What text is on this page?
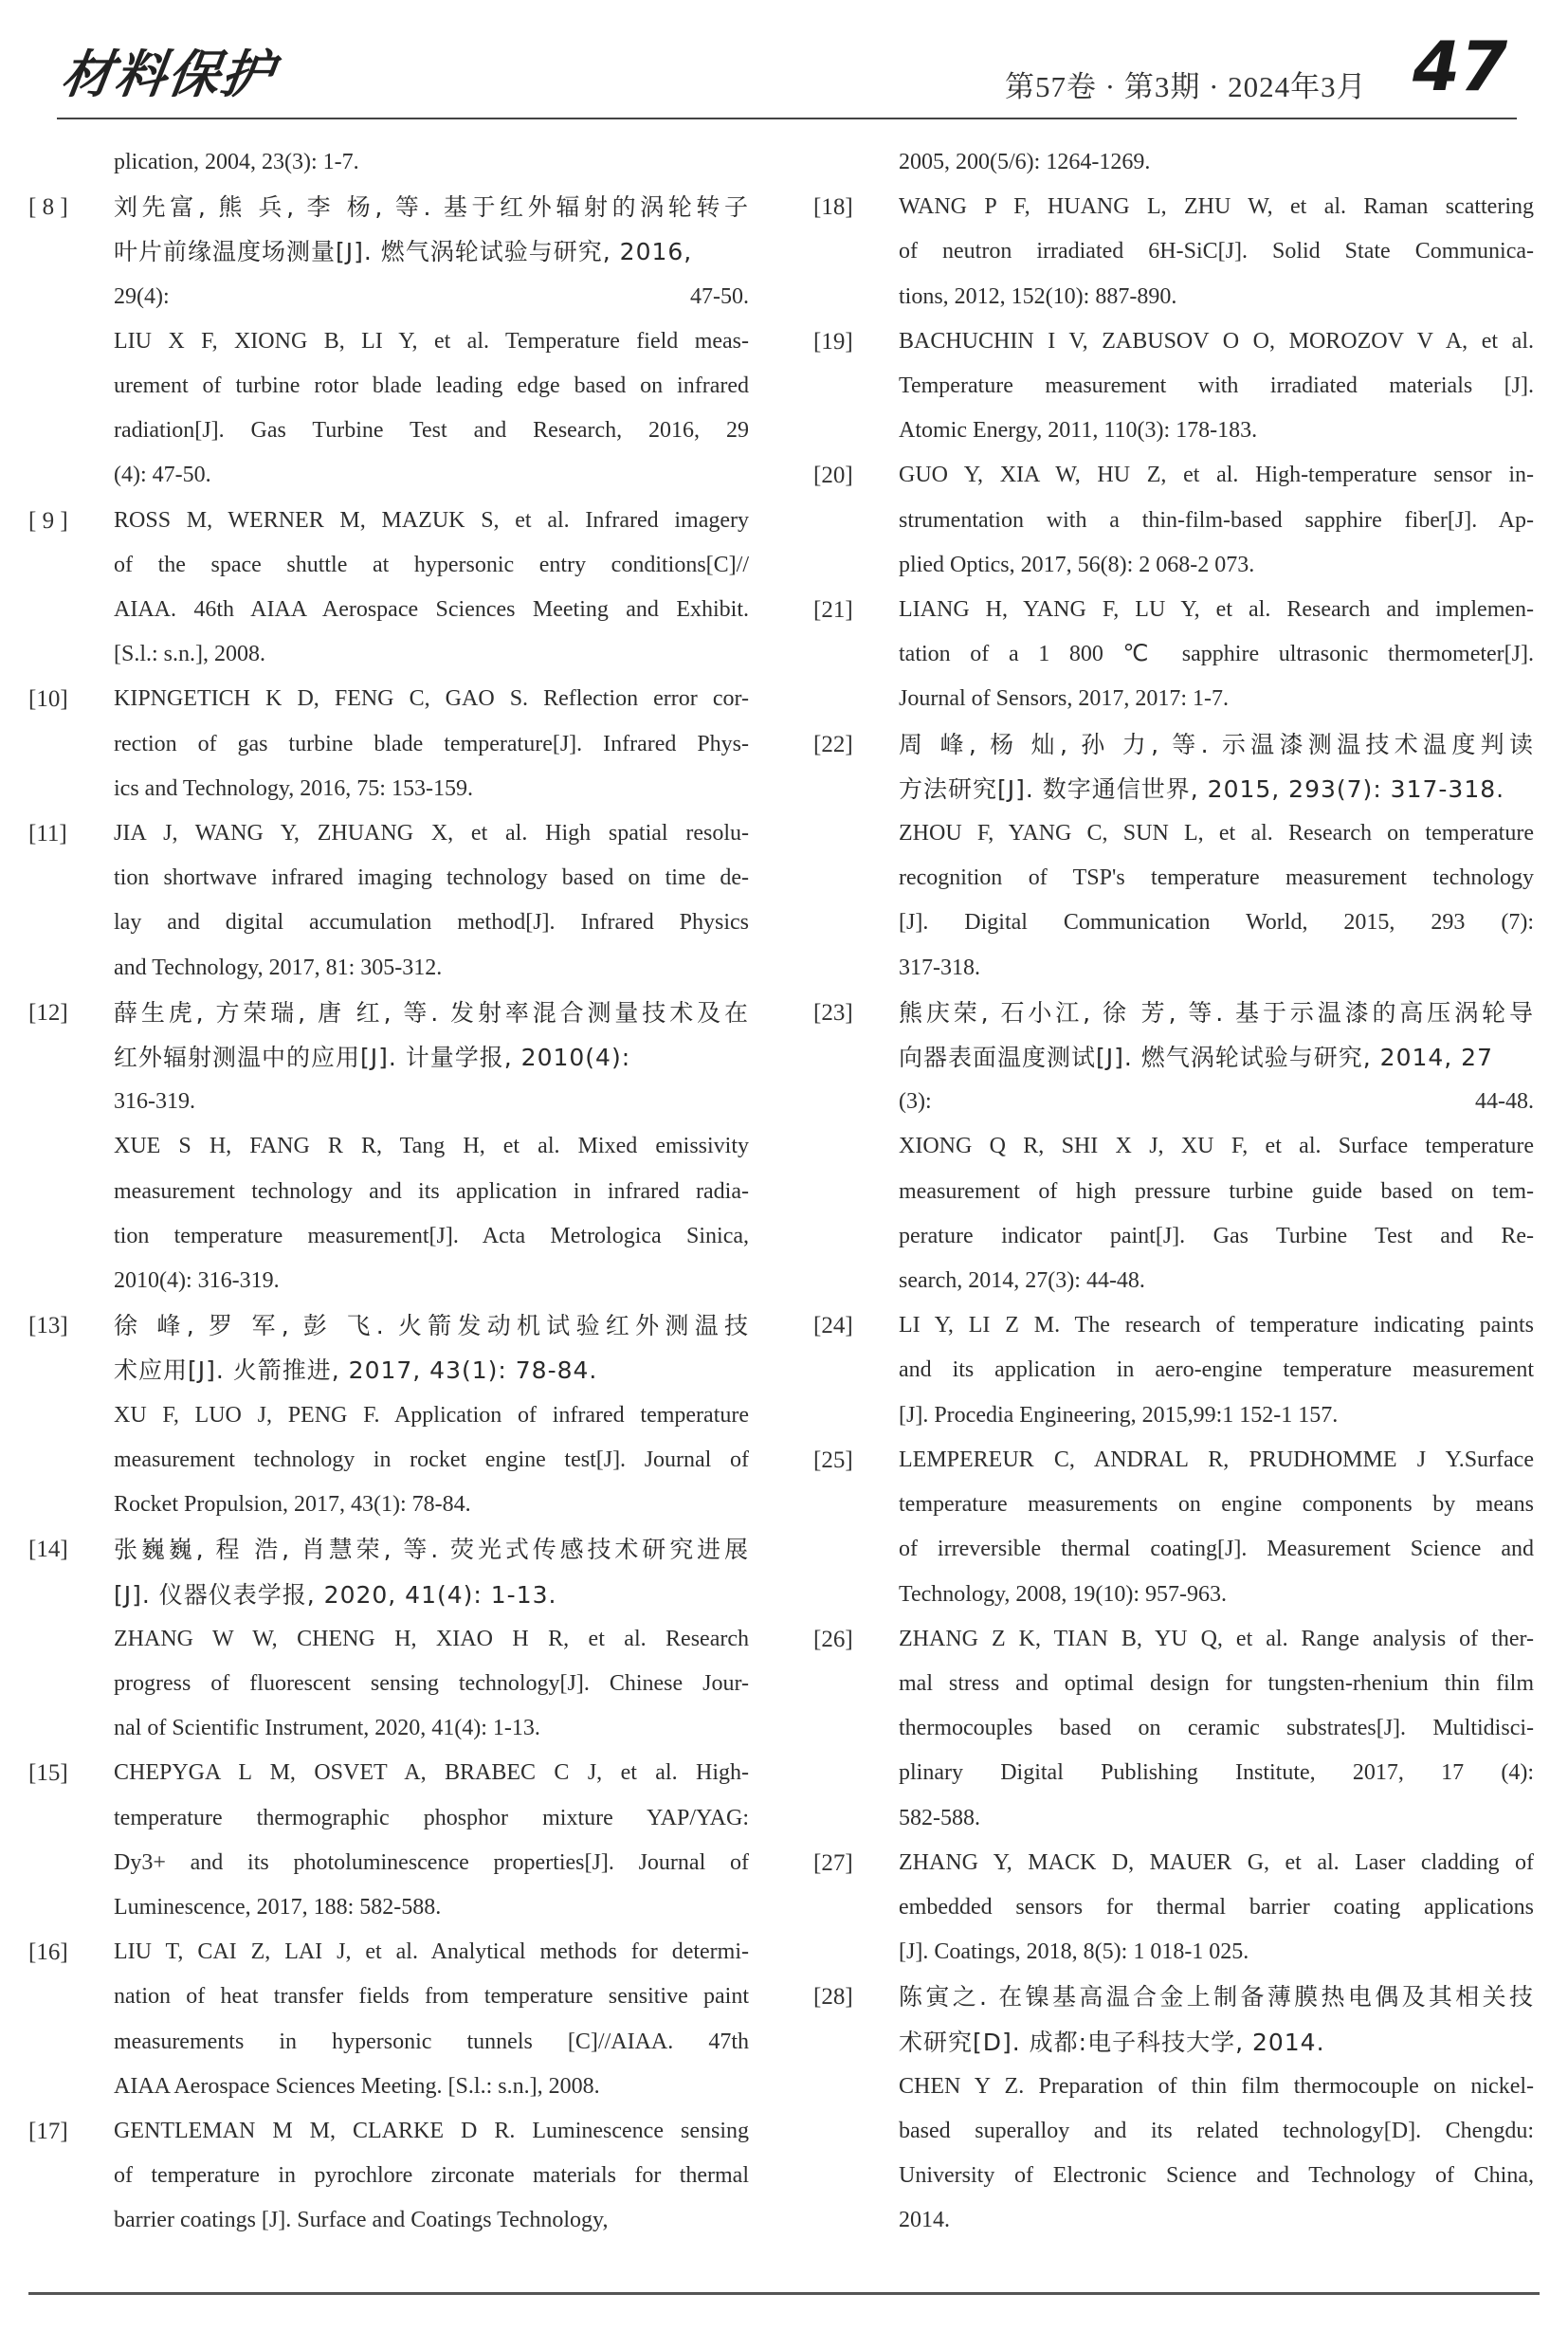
材料保护	第57卷 · 第3期 · 2024年3月 47
plication, 2004, 23(3): 1-7.
[ 8 ]	刘先富, 熊 兵, 李 杨, 等. 基于红外辐射的涡轮转子
叶片前缘温度场测量[J]. 燃气涡轮试验与研究, 2016,
29(4): 47-50.
LIU X F, XIONG B, LI Y, et al. Temperature field meas-
urement of turbine rotor blade leading edge based on infrared
radiation[J]. Gas Turbine Test and Research, 2016, 29
(4): 47-50.
[ 9 ]	ROSS M, WERNER M, MAZUK S, et al. Infrared imagery
of the space shuttle at hypersonic entry conditions[C]//
AIAA. 46th AIAA Aerospace Sciences Meeting and Exhibit.
[S.l.: s.n.], 2008.
[10]	KIPNGETICH K D, FENG C, GAO S. Reflection error cor-
rection of gas turbine blade temperature[J]. Infrared Phys-
ics and Technology, 2016, 75: 153-159.
[11]	JIA J, WANG Y, ZHUANG X, et al. High spatial resolu-
tion shortwave infrared imaging technology based on time de-
lay and digital accumulation method[J]. Infrared Physics
and Technology, 2017, 81: 305-312.
[12]	薛生虎, 方荣瑞, 唐 红, 等. 发射率混合测量技术及在
红外辐射测温中的应用[J]. 计量学报, 2010(4):
316-319.
XUE S H, FANG R R, Tang H, et al. Mixed emissivity
measurement technology and its application in infrared radia-
tion temperature measurement[J]. Acta Metrologica Sinica,
2010(4): 316-319.
[13]	徐 峰, 罗 军, 彭 飞. 火箭发动机试验红外测温技
术应用[J]. 火箭推进, 2017, 43(1): 78-84.
XU F, LUO J, PENG F. Application of infrared temperature
measurement technology in rocket engine test[J]. Journal of
Rocket Propulsion, 2017, 43(1): 78-84.
[14]	张巍巍, 程 浩, 肖慧荣, 等. 荧光式传感技术研究进展
[J]. 仪器仪表学报, 2020, 41(4): 1-13.
ZHANG W W, CHENG H, XIAO H R, et al. Research
progress of fluorescent sensing technology[J]. Chinese Jour-
nal of Scientific Instrument, 2020, 41(4): 1-13.
[15]	CHEPYGA L M, OSVET A, BRABEC C J, et al. High-
temperature thermographic phosphor mixture YAP/YAG:
Dy3+ and its photoluminescence properties[J]. Journal of
Luminescence, 2017, 188: 582-588.
[16]	LIU T, CAI Z, LAI J, et al. Analytical methods for determi-
nation of heat transfer fields from temperature sensitive paint
measurements in hypersonic tunnels [C]//AIAA. 47th
AIAA Aerospace Sciences Meeting. [S.l.: s.n.], 2008.
[17]	GENTLEMAN M M, CLARKE D R. Luminescence sensing
of temperature in pyrochlore zirconate materials for thermal
barrier coatings [J]. Surface and Coatings Technology,
2005, 200(5/6): 1264-1269.
[18]	WANG P F, HUANG L, ZHU W, et al. Raman scattering
of neutron irradiated 6H-SiC[J]. Solid State Communica-
tions, 2012, 152(10): 887-890.
[19]	BACHUCHIN I V, ZABUSOV O O, MOROZOV V A, et al.
Temperature measurement with irradiated materials [J].
Atomic Energy, 2011, 110(3): 178-183.
[20]	GUO Y, XIA W, HU Z, et al. High-temperature sensor in-
strumentation with a thin-film-based sapphire fiber[J]. Ap-
plied Optics, 2017, 56(8): 2 068-2 073.
[21]	LIANG H, YANG F, LU Y, et al. Research and implemen-
tation of a 1 800 ℃ sapphire ultrasonic thermometer[J].
Journal of Sensors, 2017, 2017: 1-7.
[22]	周 峰, 杨 灿, 孙 力, 等. 示温漆测温技术温度判读
方法研究[J]. 数字通信世界, 2015, 293(7): 317-318.
ZHOU F, YANG C, SUN L, et al. Research on temperature
recognition of TSP's temperature measurement technology
[J]. Digital Communication World, 2015, 293 (7):
317-318.
[23]	熊庆荣, 石小江, 徐 芳, 等. 基于示温漆的高压涡轮导
向器表面温度测试[J]. 燃气涡轮试验与研究, 2014, 27
(3): 44-48.
XIONG Q R, SHI X J, XU F, et al. Surface temperature
measurement of high pressure turbine guide based on tem-
perature indicator paint[J]. Gas Turbine Test and Re-
search, 2014, 27(3): 44-48.
[24]	LI Y, LI Z M. The research of temperature indicating paints
and its application in aero-engine temperature measurement
[J]. Procedia Engineering, 2015,99:1 152-1 157.
[25]	LEMPEREUR C, ANDRAL R, PRUDHOMME J Y.Surface
temperature measurements on engine components by means
of irreversible thermal coating[J]. Measurement Science and
Technology, 2008, 19(10): 957-963.
[26]	ZHANG Z K, TIAN B, YU Q, et al. Range analysis of ther-
mal stress and optimal design for tungsten-rhenium thin film
thermocouples based on ceramic substrates[J]. Multidisci-
plinary Digital Publishing Institute, 2017, 17 (4):
582-588.
[27]	ZHANG Y, MACK D, MAUER G, et al. Laser cladding of
embedded sensors for thermal barrier coating applications
[J]. Coatings, 2018, 8(5): 1 018-1 025.
[28]	陈寅之. 在镍基高温合金上制备薄膜热电偶及其相关技
术研究[D]. 成都:电子科技大学, 2014.
CHEN Y Z. Preparation of thin film thermocouple on nickel-
based superalloy and its related technology[D]. Chengdu:
University of Electronic Science and Technology of China,
2014.
